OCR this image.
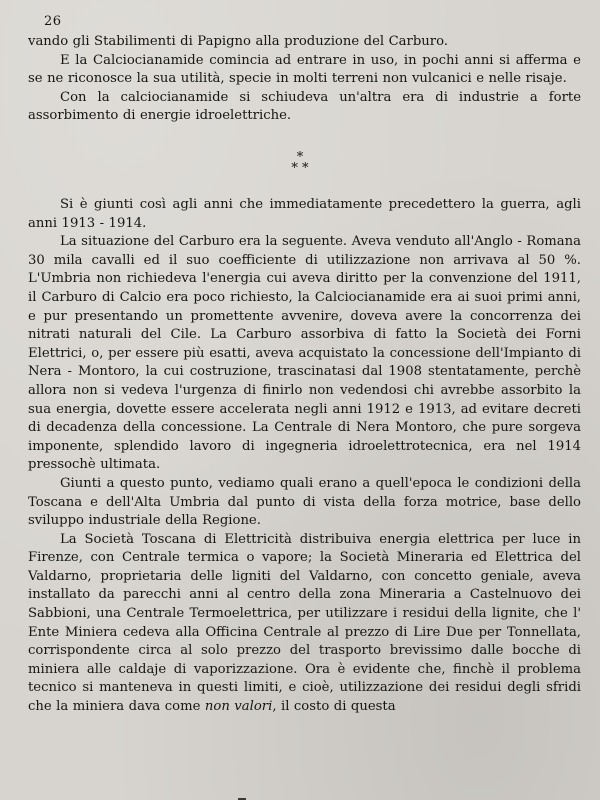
26

vando gli Stabilimenti di Papigno alla produzione del Carburo.

E la Calciocianamide comincia ad entrare in uso, in pochi anni si afferma e se ne riconosce la sua utilità, specie in molti terreni non vulcanici e nelle risaje.

Con la calciocianamide si schiudeva un'altra era di industrie a forte assorbimento di energie idroelettriche.

*
* *

Si è giunti così agli anni che immediatamente precedettero la guerra, agli anni 1913 - 1914.

La situazione del Carburo era la seguente. Aveva venduto all'Anglo - Romana 30 mila cavalli ed il suo coefficiente di utilizzazione non arrivava al 50 %. L'Umbria non richiedeva l'energia cui aveva diritto per la convenzione del 1911, il Carburo di Calcio era poco richiesto, la Calciocianamide era ai suoi primi anni, e pur presentando un promettente avvenire, doveva avere la concorrenza dei nitrati naturali del Cile. La Carburo assorbiva di fatto la Società dei Forni Elettrici, o, per essere più esatti, aveva acquistato la concessione dell'Impianto di Nera - Montoro, la cui costruzione, trascinatasi dal 1908 stentatamente, perchè allora non si vedeva l'urgenza di finirlo non vedendosi chi avrebbe assorbito la sua energia, dovette essere accelerata negli anni 1912 e 1913, ad evitare decreti di decadenza della concessione. La Centrale di Nera Montoro, che pure sorgeva imponente, splendido lavoro di ingegneria idroelettrotecnica, era nel 1914 pressochè ultimata.

Giunti a questo punto, vediamo quali erano a quell'epoca le condizioni della Toscana e dell'Alta Umbria dal punto di vista della forza motrice, base dello sviluppo industriale della Regione.

La Società Toscana di Elettricità distribuiva energia elettrica per luce in Firenze, con Centrale termica o vapore; la Società Mineraria ed Elettrica del Valdarno, proprietaria delle ligniti del Valdarno, con concetto geniale, aveva installato da parecchi anni al centro della zona Mineraria a Castelnuovo dei Sabbioni, una Centrale Termoelettrica, per utilizzare i residui della lignite, che l' Ente Miniera cedeva alla Officina Centrale al prezzo di Lire Due per Tonnellata, corrispondente circa al solo prezzo del trasporto brevissimo dalle bocche di miniera alle caldaje di vaporizzazione. Ora è evidente che, finchè il problema tecnico si manteneva in questi limiti, e cioè, utilizzazione dei residui degli sfridi che la miniera dava come non valori, il costo di questa
